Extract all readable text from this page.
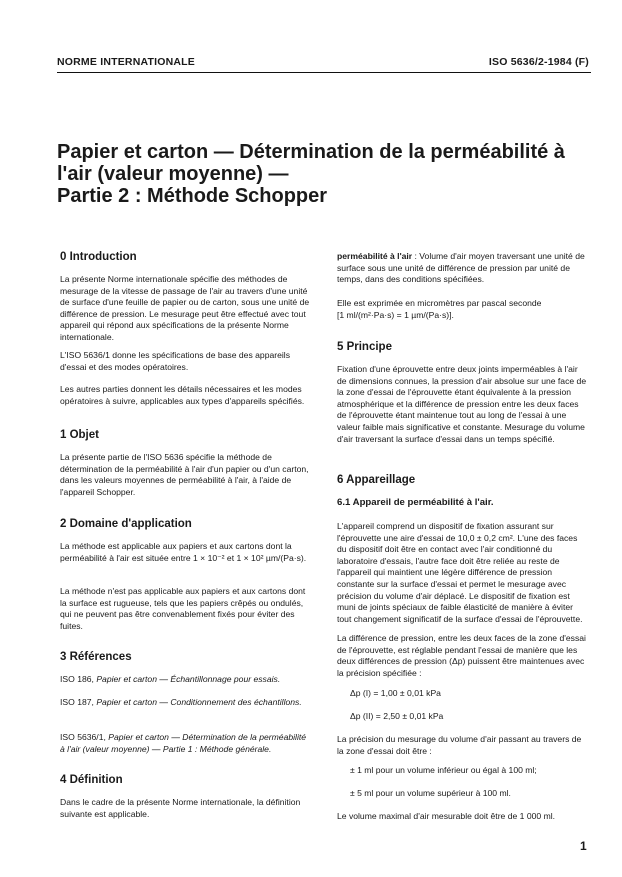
NORME INTERNATIONALE	ISO 5636/2-1984 (F)
Papier et carton — Détermination de la perméabilité à
l'air (valeur moyenne) —
Partie 2 : Méthode Schopper
0 Introduction

La présente Norme internationale spécifie des méthodes de mesurage de la vitesse de passage de l'air au travers d'une unité de surface d'une feuille de papier ou de carton, sous une unité de différence de pression. Le mesurage peut être effectué avec tout appareil qui répond aux spécifications de la présente Norme internationale.

L'ISO 5636/1 donne les spécifications de base des appareils d'essai et des modes opératoires.

Les autres parties donnent les détails nécessaires et les modes opératoires à suivre, applicables aux types d'appareils spécifiés.

1 Objet

La présente partie de l'ISO 5636 spécifie la méthode de détermination de la perméabilité à l'air d'un papier ou d'un carton, dans les valeurs moyennes de perméabilité à l'air, à l'aide de l'appareil Schopper.

2 Domaine d'application

La méthode est applicable aux papiers et aux cartons dont la perméabilité à l'air est située entre 1 × 10⁻² et 1 × 10² µm/(Pa·s).

La méthode n'est pas applicable aux papiers et aux cartons dont la surface est rugueuse, tels que les papiers crêpés ou ondulés, qui ne peuvent pas être convenablement fixés pour éviter des fuites.

3 Références

ISO 186, Papier et carton — Échantillonnage pour essais.

ISO 187, Papier et carton — Conditionnement des échantillons.

ISO 5636/1, Papier et carton — Détermination de la perméabilité à l'air (valeur moyenne) — Partie 1 : Méthode générale.

4 Définition

Dans le cadre de la présente Norme internationale, la définition suivante est applicable.

perméabilité à l'air : Volume d'air moyen traversant une unité de surface sous une unité de différence de pression par unité de temps, dans des conditions spécifiées.

Elle est exprimée en micromètres par pascal seconde
[1 ml/(m²·Pa·s) = 1 µm/(Pa·s)].
5 Principe

Fixation d'une éprouvette entre deux joints imperméables à l'air de dimensions connues, la pression d'air absolue sur une face de la zone d'essai de l'éprouvette étant équivalente à la pression atmosphérique et la différence de pression entre les deux faces de l'éprouvette étant maintenue tout au long de l'essai à une valeur faible mais significative et constante. Mesurage du volume d'air traversant la surface d'essai dans un temps spécifié.

6 Appareillage
6.1 Appareil de perméabilité à l'air.

L'appareil comprend un dispositif de fixation assurant sur l'éprouvette une aire d'essai de 10,0 ± 0,2 cm². L'une des faces du dispositif doit être en contact avec l'air conditionné du laboratoire d'essais, l'autre face doit être reliée au reste de l'appareil qui maintient une légère différence de pression constante sur la surface d'essai et permet le mesurage avec précision du volume d'air déplacé. Le dispositif de fixation est muni de joints spéciaux de faible élasticité de manière à éviter tout changement significatif de la surface d'essai de l'éprouvette.

La différence de pression, entre les deux faces de la zone d'essai de l'éprouvette, est réglable pendant l'essai de manière que les deux différences de pression (Δp) puissent être maintenues avec la précision spécifiée :

Δp (I) = 1,00 ± 0,01 kPa
Δp (II) = 2,50 ± 0,01 kPa

La précision du mesurage du volume d'air passant au travers de la zone d'essai doit être :

± 1 ml pour un volume inférieur ou égal à 100 ml;
± 5 ml pour un volume supérieur à 100 ml.
Le volume maximal d'air mesurable doit être de 1 000 ml.
1
